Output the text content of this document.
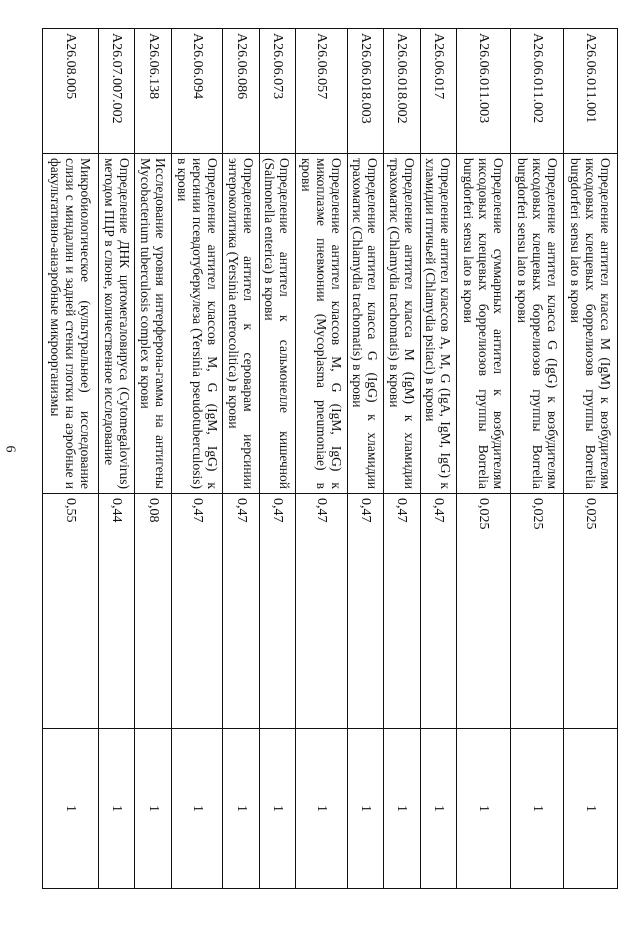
6
A26.06.011.001	Определение антител класса M (IgM) к возбудителям иксодовых клещевых боррелиозов группы Borrelia burgdorferi sensu lato в крови	0,025	1
A26.06.011.002	Определение антител класса G (IgG) к возбудителям иксодовых клещевых боррелиозов группы Borrelia burgdorferi sensu lato в крови	0,025	1
A26.06.011.003	Определение суммарных антител к возбудителям иксодовых клещевых боррелиозов группы Borrelia burgdorferi sensu lato в крови	0,025	1
A26.06.017	Определение антител классов A, M, G (IgA, IgM, IgG) к хламидии птичьей (Chlamydia psitaci) в крови	0,47	1
A26.06.018.002	Определение антител класса M (IgM) к хламидии трахоматис (Chlamydia trachomatis) в крови	0,47	1
A26.06.018.003	Определение антител класса G (IgG) к хламидии трахоматис (Chlamydia trachomatis) в крови	0,47	1
A26.06.057	Определение антител классов M, G (IgM, IgG) к микоплазме пневмонии (Mycoplasma pneumoniae) в крови	0,47	1
A26.06.073	Определение антител к сальмонелле кишечной (Salmonella enterica) в крови	0,47	1
A26.06.086	Определение антител к сероварам иерсинии энтероколитика (Yersinia enterocolitica) в крови	0,47	1
A26.06.094	Определение антител классов M, G (IgM, IgG) к иерсинии псевдотуберкулеза (Yersinia pseudotuberculosis) в крови	0,47	1
A26.06.138	Исследование уровня интерферона-гамма на антигены Mycobacterium tuberculosis complex в крови	0,08	1
A26.07.007.002	Определение ДНК цитомегаловируса (Cytomegalovirus) методом ПЦР в слюне, количественное исследование	0,44	1
A26.08.005	Микробиологическое (культуральное) исследование слизи с миндалин и задней стенки глотки на аэробные и факультативно-анаэробные микроорганизмы	0,55	1
